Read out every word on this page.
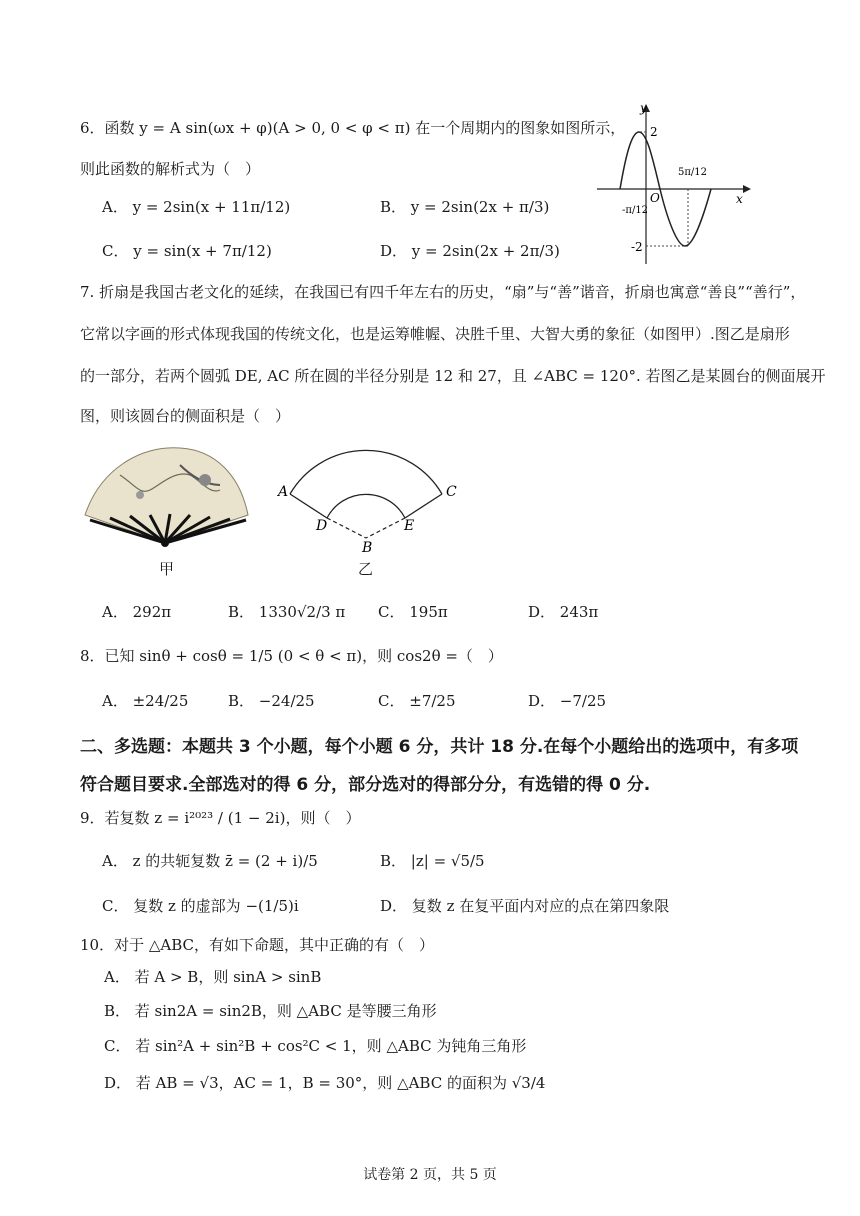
6．函数 y = A sin(ωx + φ)(A > 0, 0 < φ < π) 在一个周期内的图象如图所示，
则此函数的解析式为（　）
A． y = 2sin(x + 11π/12)	B． y = 2sin(2x + π/3)
C． y = sin(x + 7π/12)	D． y = 2sin(2x + 2π/3)
y
x
O
2
-2
-π/12
5π/12
7. 折扇是我国古老文化的延续，在我国已有四千年左右的历史，“扇”与“善”谐音，折扇也寓意“善良”“善行”，
它常以字画的形式体现我国的传统文化，也是运筹帷幄、决胜千里、大智大勇的象征（如图甲）.图乙是扇形
的一部分，若两个圆弧 DE, AC 所在圆的半径分别是 12 和 27，且 ∠ABC = 120°. 若图乙是某圆台的侧面展开
图，则该圆台的侧面积是（　）
甲
A	C
D	E
B
乙
A． 292π	B． 1330√2/3 π C． 195π	D． 243π
8．已知 sinθ + cosθ = 1/5 (0 < θ < π)，则 cos2θ =（　）
A． ±24/25	B． −24/25	C． ±7/25	D． −7/25
二、多选题：本题共 3 个小题，每个小题 6 分，共计 18 分.在每个小题给出的选项中，有多项
符合题目要求.全部选对的得 6 分，部分选对的得部分分，有选错的得 0 分.
9．若复数 z = i²⁰²³ / (1 − 2i)，则（　）
A． z 的共轭复数 z̄ = (2 + i)/5	B． |z| = √5/5
C． 复数 z 的虚部为 −(1/5)i	D． 复数 z 在复平面内对应的点在第四象限
10．对于 △ABC，有如下命题，其中正确的有（　）
A． 若 A > B，则 sinA > sinB
B． 若 sin2A = sin2B，则 △ABC 是等腰三角形
C． 若 sin²A + sin²B + cos²C < 1，则 △ABC 为钝角三角形
D． 若 AB = √3，AC = 1，B = 30°，则 △ABC 的面积为 √3/4
试卷第 2 页，共 5 页
